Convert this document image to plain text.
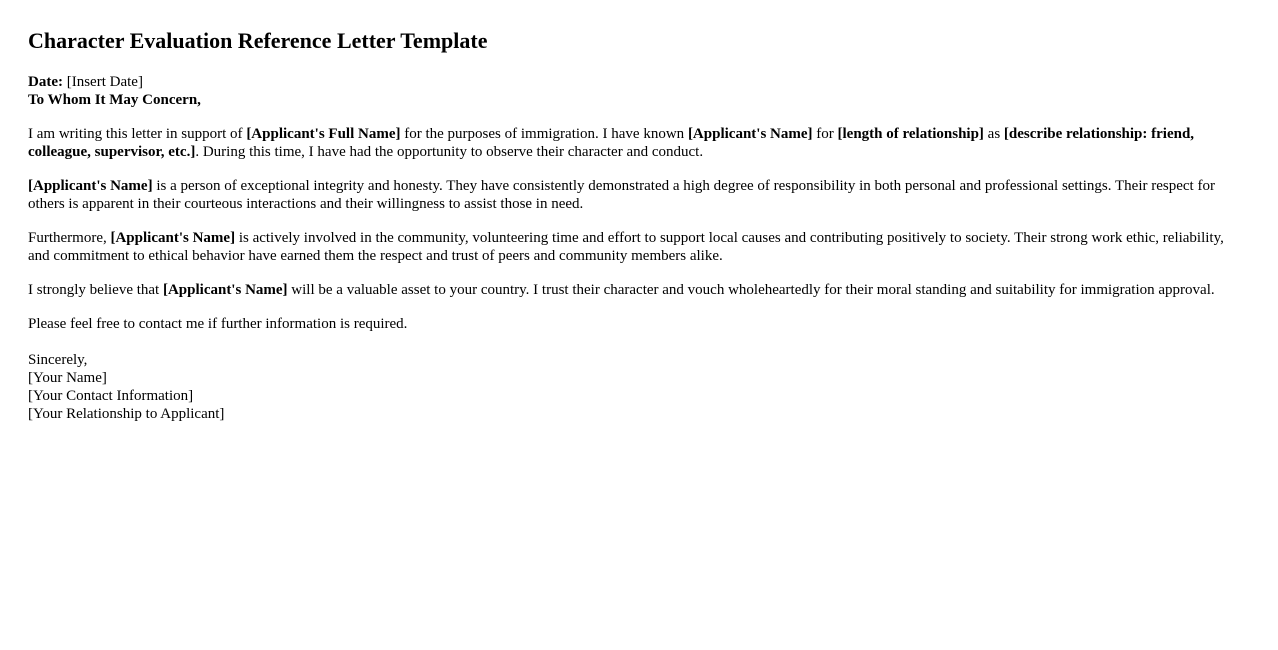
Character Evaluation Reference Letter Template
Date: [Insert Date]
To Whom It May Concern,

I am writing this letter in support of [Applicant's Full Name] for the purposes of immigration. I have known [Applicant's Name] for [length of relationship] as [describe relationship: friend, colleague, supervisor, etc.]. During this time, I have had the opportunity to observe their character and conduct.

[Applicant's Name] is a person of exceptional integrity and honesty. They have consistently demonstrated a high degree of responsibility in both personal and professional settings. Their respect for others is apparent in their courteous interactions and their willingness to assist those in need.

Furthermore, [Applicant's Name] is actively involved in the community, volunteering time and effort to support local causes and contributing positively to society. Their strong work ethic, reliability, and commitment to ethical behavior have earned them the respect and trust of peers and community members alike.

I strongly believe that [Applicant's Name] will be a valuable asset to your country. I trust their character and vouch wholeheartedly for their moral standing and suitability for immigration approval.

Please feel free to contact me if further information is required.

Sincerely,
[Your Name]
[Your Contact Information]
[Your Relationship to Applicant]
